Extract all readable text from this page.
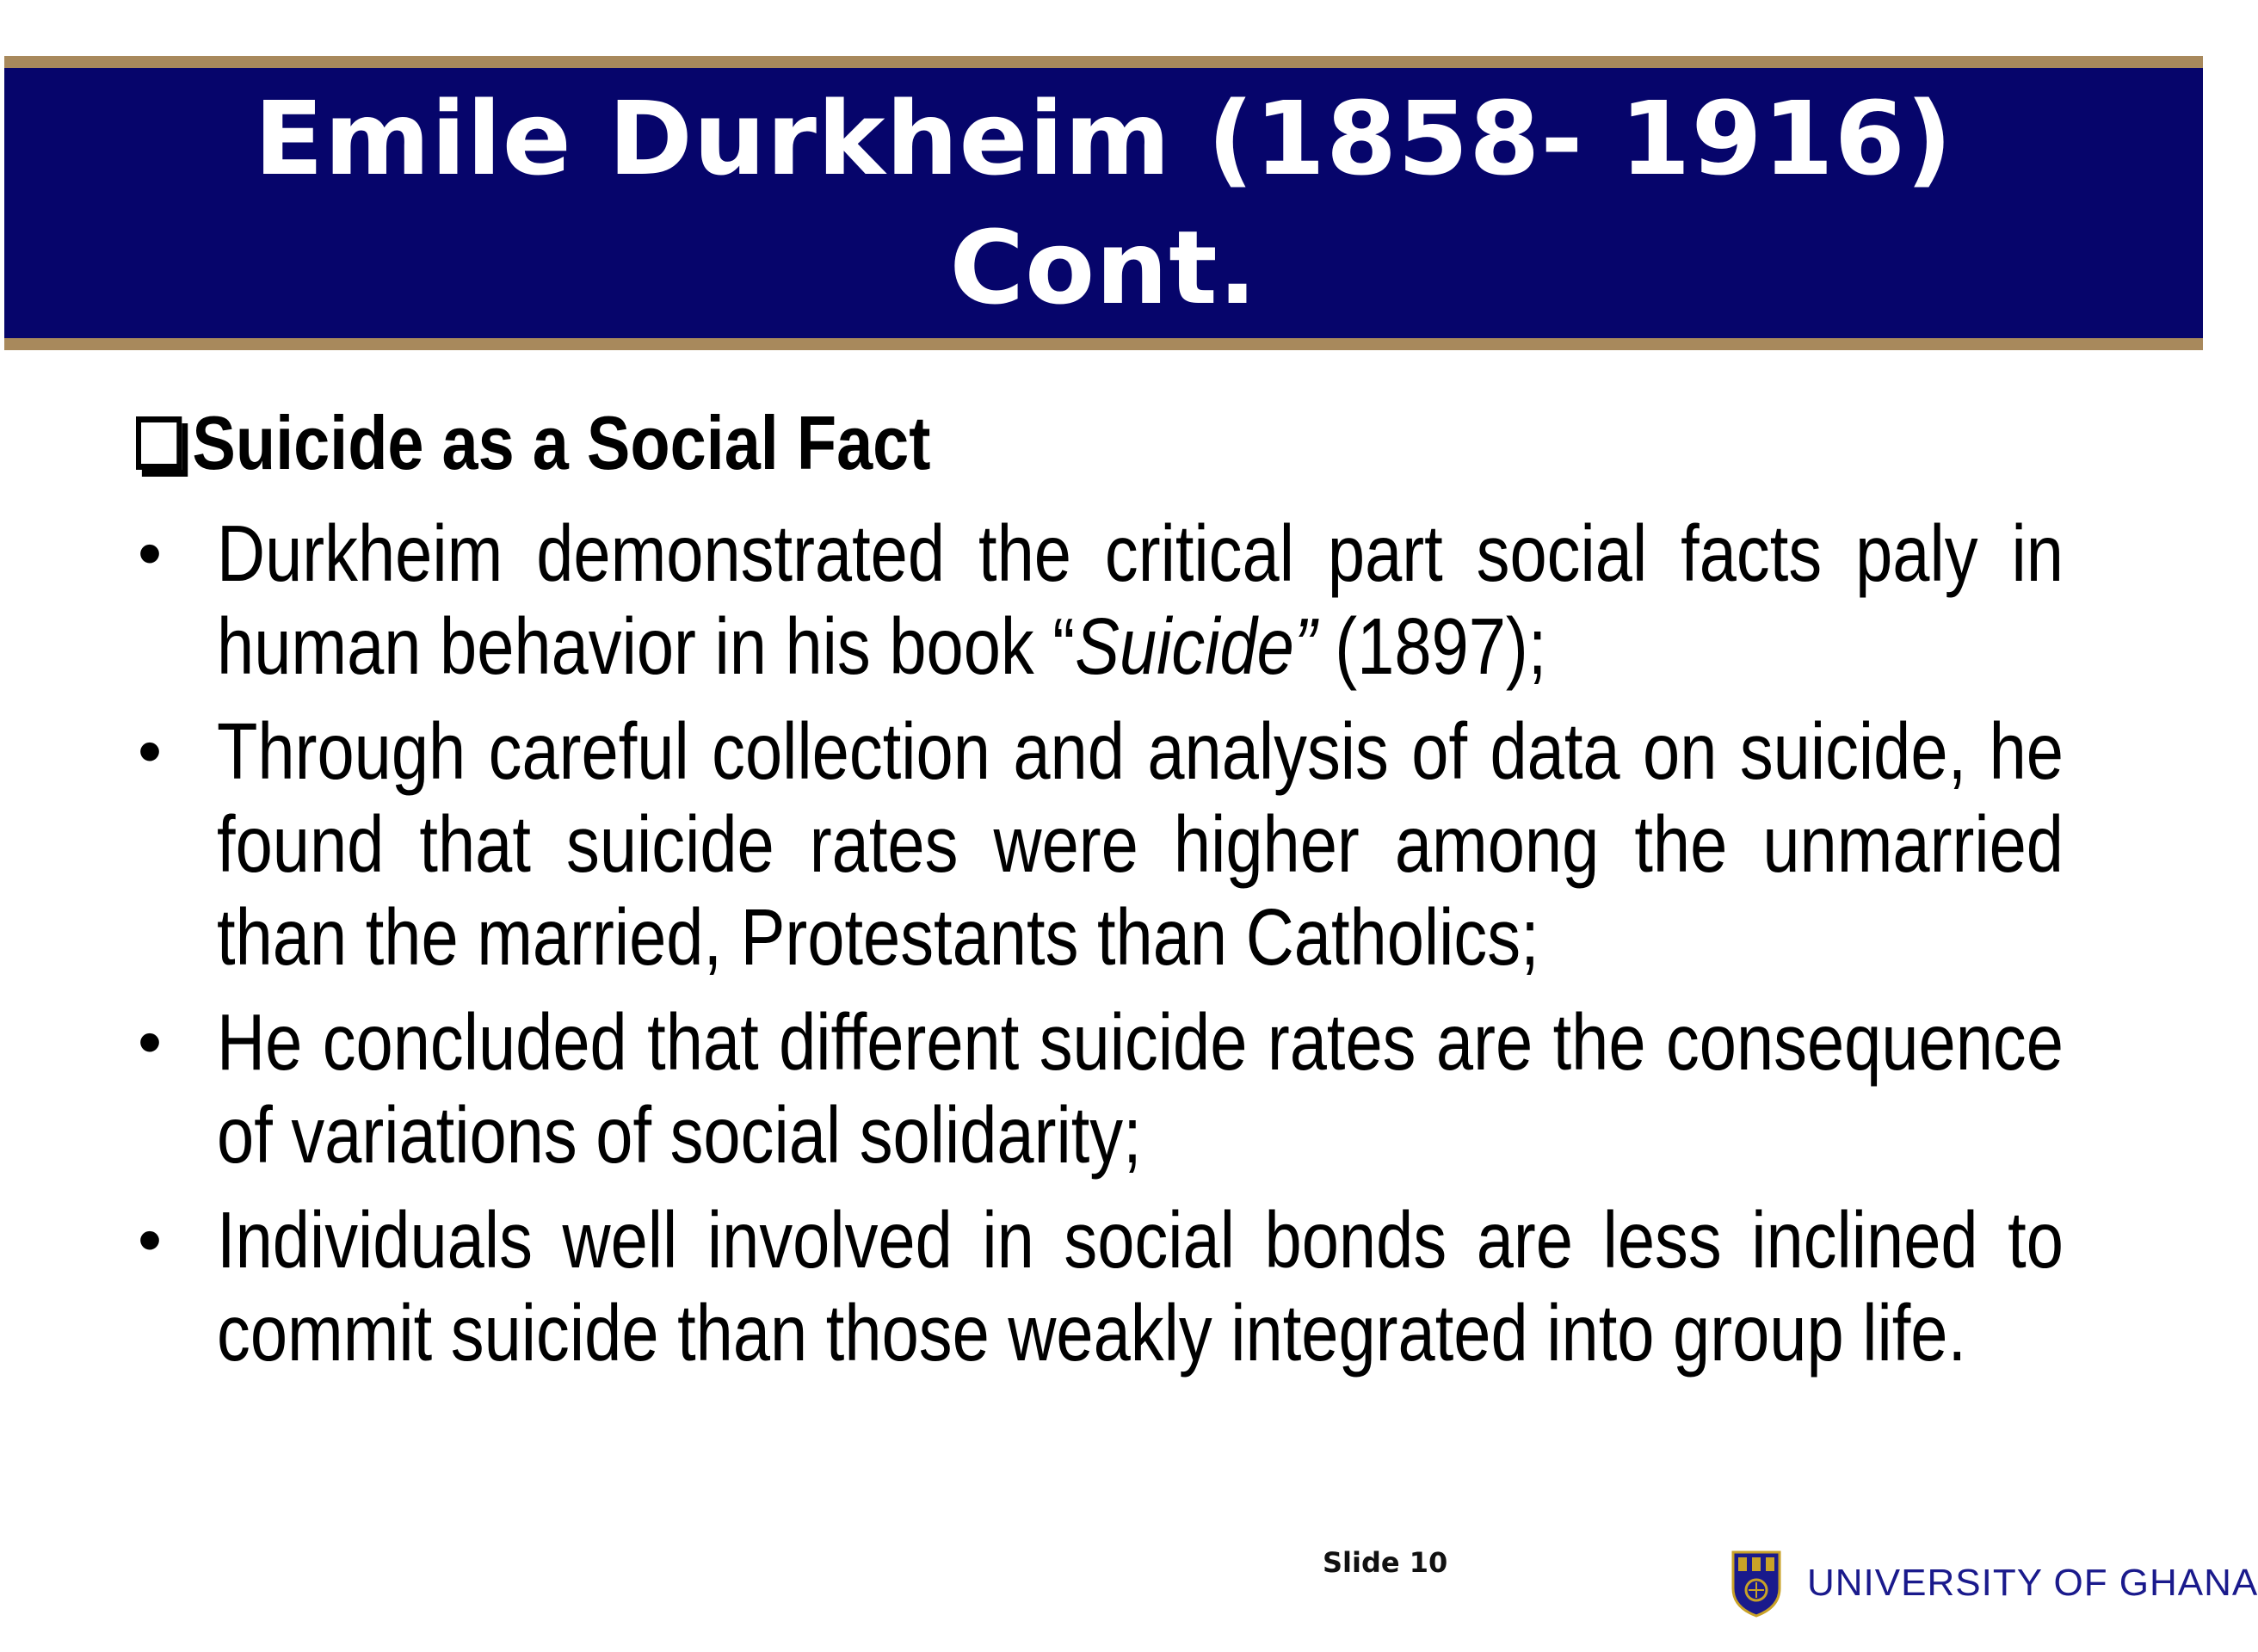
Emile Durkheim (1858- 1916)
Cont.
Suicide as a Social Fact
• Durkheim demonstrated the critical part social facts paly in human behavior in his book “Suicide” (1897);
• Through careful collection and analysis of data on suicide, he found that suicide rates were higher among the unmarried than the married, Protestants than Catholics;
• He concluded that different suicide rates are the consequence of variations of social solidarity;
• Individuals well involved in social bonds are less inclined to commit suicide than those weakly integrated into group life.
Slide 10	UNIVERSITY OF GHANA
